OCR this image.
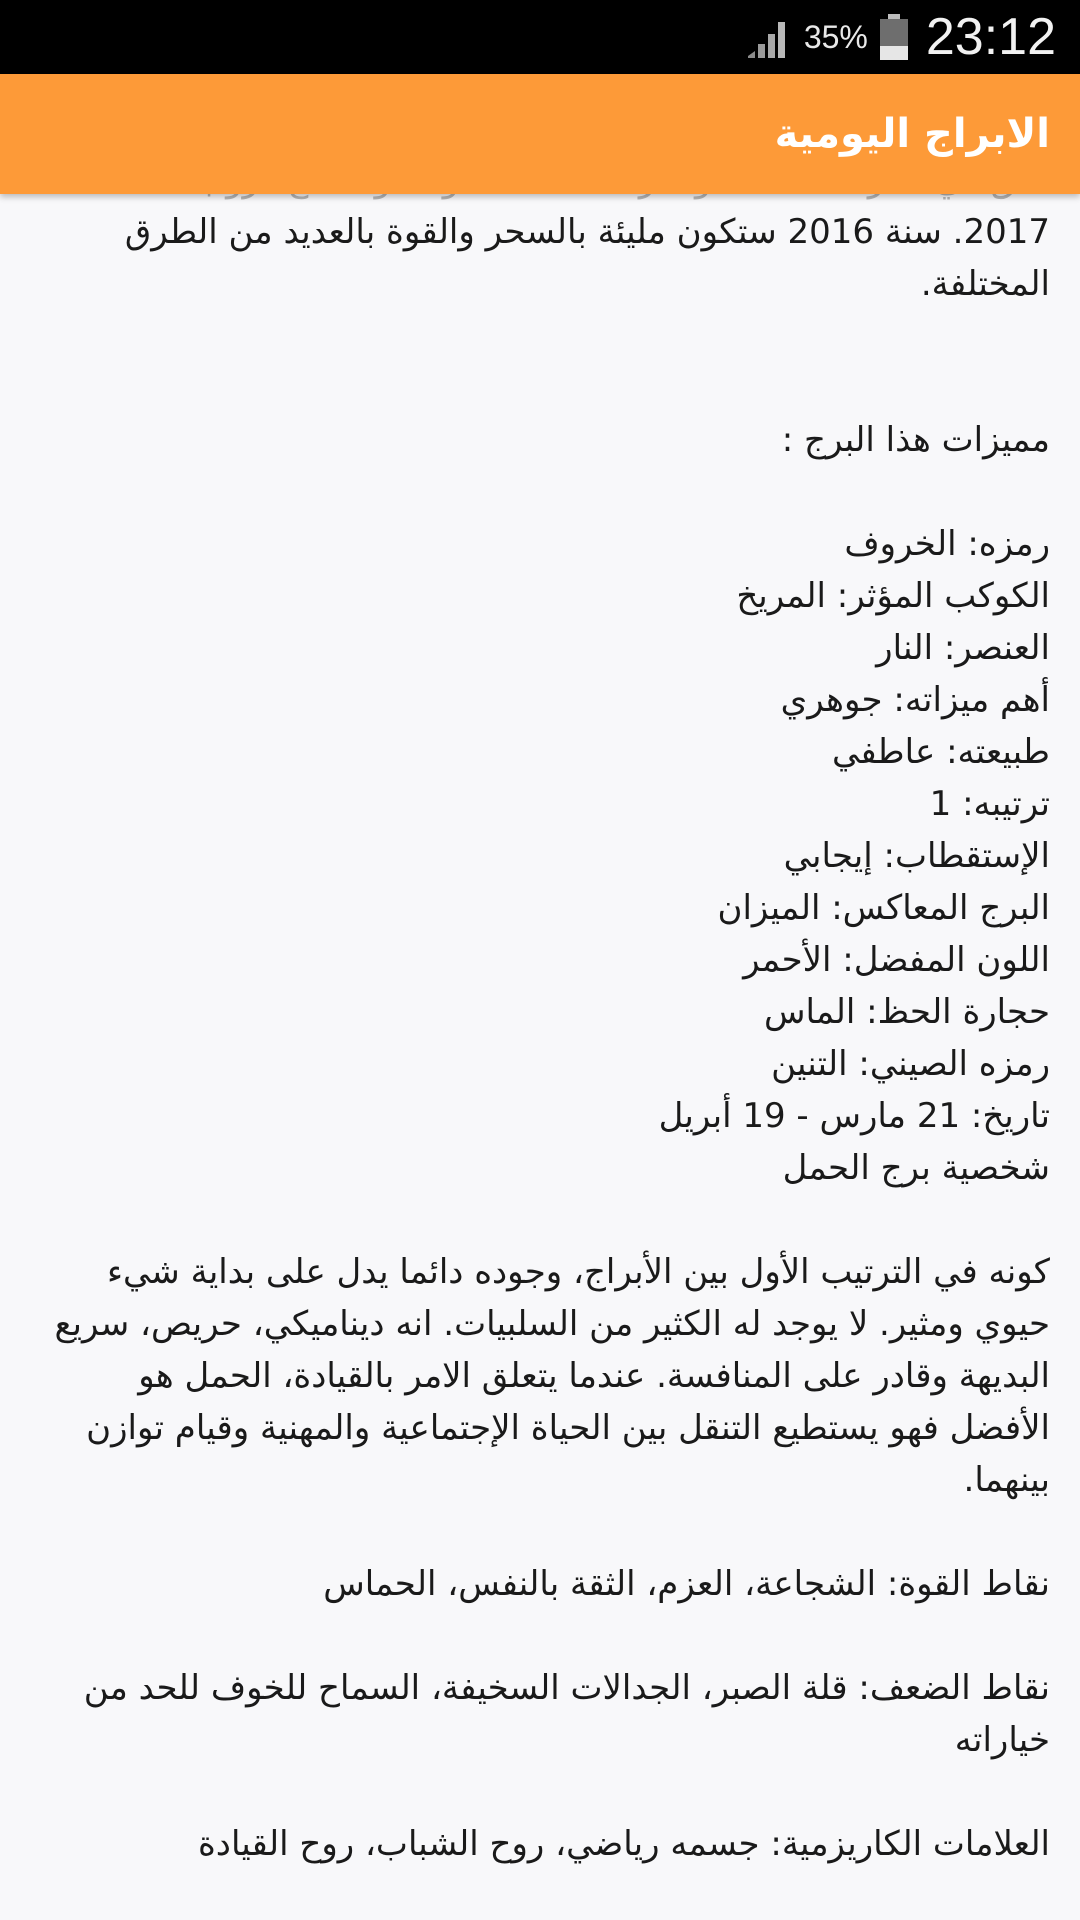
35% 23:12
الابراج اليومية

2017. سنة 2016 ستكون مليئة بالسحر والقوة بالعديد من الطرق المختلفة.

مميزات هذا البرج :

رمزه: الخروف

الكوكب المؤثر: المريخ

العنصر: النار

أهم ميزاته: جوهري

طبيعته: عاطفي

ترتيبه: 1

الإستقطاب: إيجابي

البرج المعاكس: الميزان

اللون المفضل: الأحمر

حجارة الحظ: الماس

رمزه الصيني: التنين

تاريخ: 21 مارس - 19 أبريل

شخصية برج الحمل

كونه في الترتيب الأول بين الأبراج، وجوده دائما يدل على بداية شيء حيوي ومثير. لا يوجد له الكثير من السلبيات. انه ديناميكي، حريص، سريع البديهة وقادر على المنافسة. عندما يتعلق الامر بالقيادة، الحمل هو الأفضل فهو يستطيع التنقل بين الحياة الإجتماعية والمهنية وقيام توازن بينهما.

نقاط القوة: الشجاعة، العزم، الثقة بالنفس، الحماس

نقاط الضعف: قلة الصبر، الجدالات السخيفة، السماح للخوف للحد من خياراته

العلامات الكاريزمية: جسمه رياضي، روح الشباب، روح القيادة
